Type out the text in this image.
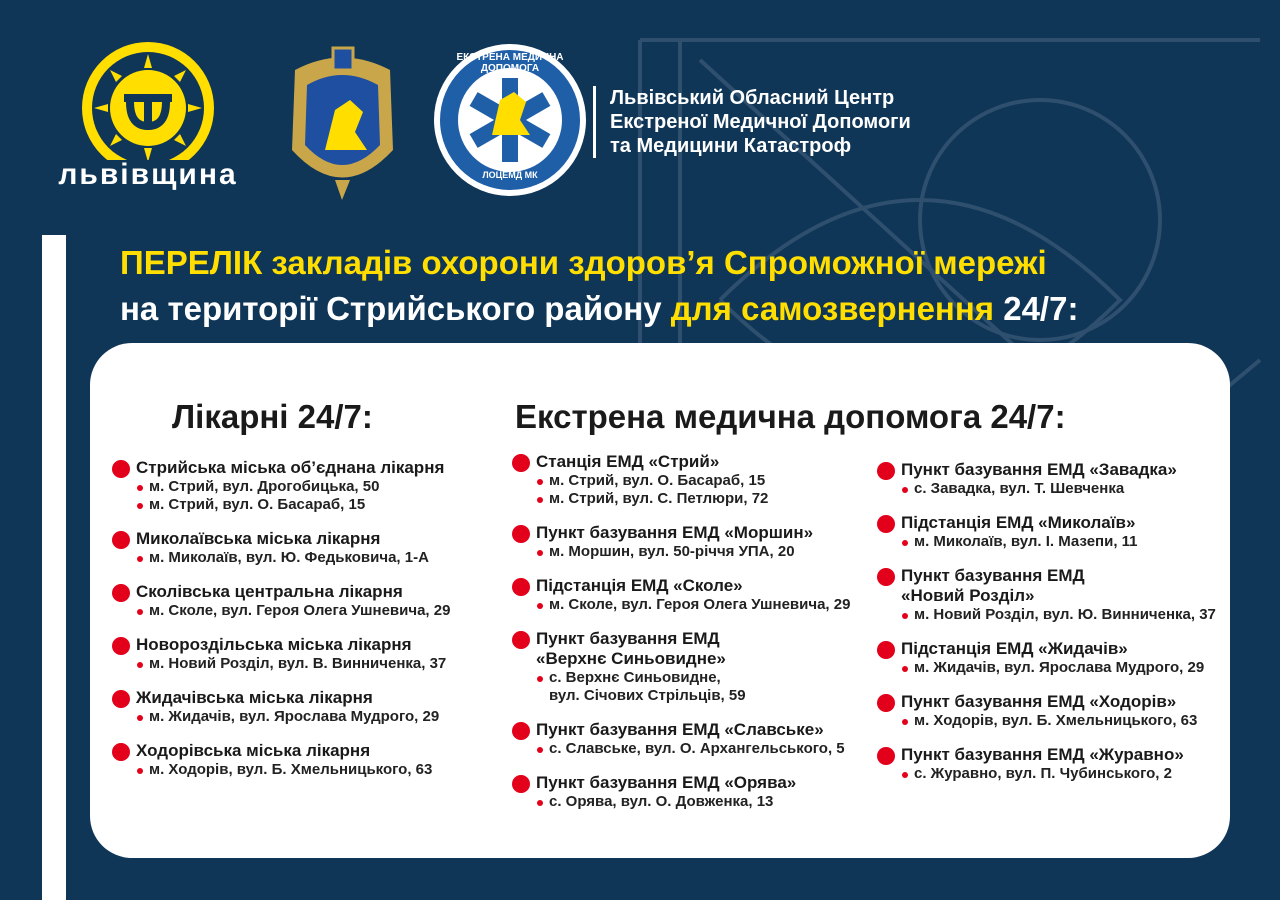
львівщина	ЛОЦЕМД МК
ЕКСТРЕНА МЕДИЧНА ДОПОМОГА
Львівський Обласний Центр
Екстреної Медичної Допомоги
та Медицини Катастроф
ПЕРЕЛІК закладів охорони здоров’я Спроможної мережі
на території Стрийського району для самозвернення 24/7:
Лікарні 24/7:	Екстрена медична допомога 24/7:
Стрийська міська об’єднана лікарня
м. Стрий, вул. Дрогобицька, 50
м. Стрий, вул. О. Басараб, 15
Миколаївська міська лікарня
м. Миколаїв, вул. Ю. Федьковича, 1-А
Сколівська центральна лікарня
м. Сколе, вул. Героя Олега Ушневича, 29
Новороздільська міська лікарня
м. Новий Розділ, вул. В. Винниченка, 37
Жидачівська міська лікарня
м. Жидачів, вул. Ярослава Мудрого, 29
Ходорівська міська лікарня
м. Ходорів, вул. Б. Хмельницького, 63
Станція ЕМД «Стрий»
м. Стрий, вул. О. Басараб, 15
м. Стрий, вул. С. Петлюри, 72
Пункт базування ЕМД «Моршин»
м. Моршин, вул. 50-річчя УПА, 20
Підстанція ЕМД «Сколе»
м. Сколе, вул. Героя Олега Ушневича, 29
Пункт базування ЕМД
«Верхнє Синьовидне»
с. Верхнє Синьовидне,
вул. Січових Стрільців, 59
Пункт базування ЕМД «Славське»
с. Славське, вул. О. Архангельського, 5
Пункт базування ЕМД «Орява»
с. Орява, вул. О. Довженка, 13
Пункт базування ЕМД «Завадка»
с. Завадка, вул. Т. Шевченка
Підстанція ЕМД «Миколаїв»
м. Миколаїв, вул. І. Мазепи, 11
Пункт базування ЕМД
«Новий Розділ»
м. Новий Розділ, вул. Ю. Винниченка, 37
Підстанція ЕМД «Жидачів»
м. Жидачів, вул. Ярослава Мудрого, 29
Пункт базування ЕМД «Ходорів»
м. Ходорів, вул. Б. Хмельницького, 63
Пункт базування ЕМД «Журавно»
с. Журавно, вул. П. Чубинського, 2
